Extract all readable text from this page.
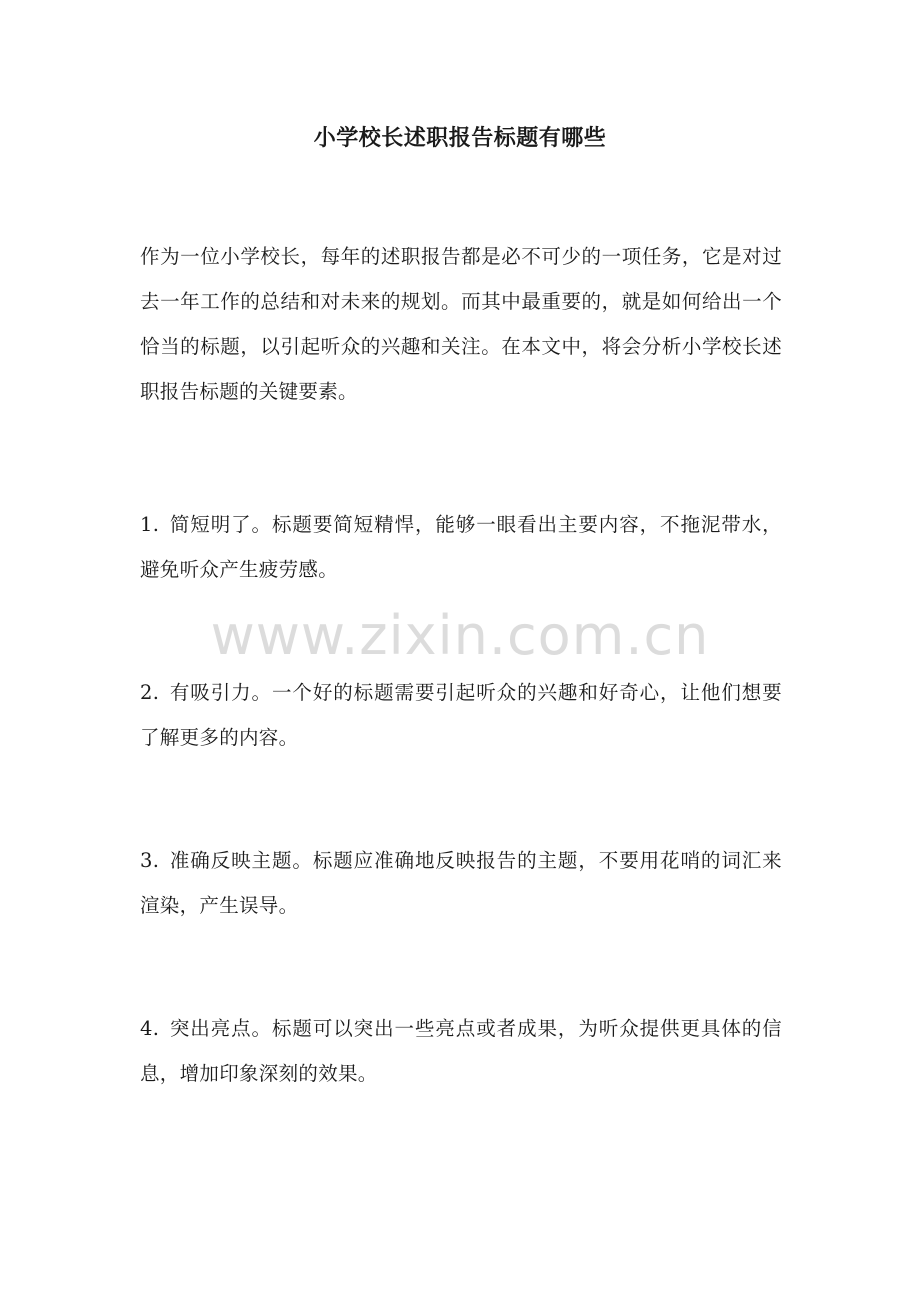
小学校长述职报告标题有哪些

作为一位小学校长，每年的述职报告都是必不可少的一项任务，它是对过去一年工作的总结和对未来的规划。而其中最重要的，就是如何给出一个恰当的标题，以引起听众的兴趣和关注。在本文中，将会分析小学校长述职报告标题的关键要素。

1. 简短明了。标题要简短精悍，能够一眼看出主要内容，不拖泥带水，避免听众产生疲劳感。

www.zixin.com.cn

2. 有吸引力。一个好的标题需要引起听众的兴趣和好奇心，让他们想要了解更多的内容。

3. 准确反映主题。标题应准确地反映报告的主题，不要用花哨的词汇来渲染，产生误导。

4. 突出亮点。标题可以突出一些亮点或者成果，为听众提供更具体的信息，增加印象深刻的效果。
